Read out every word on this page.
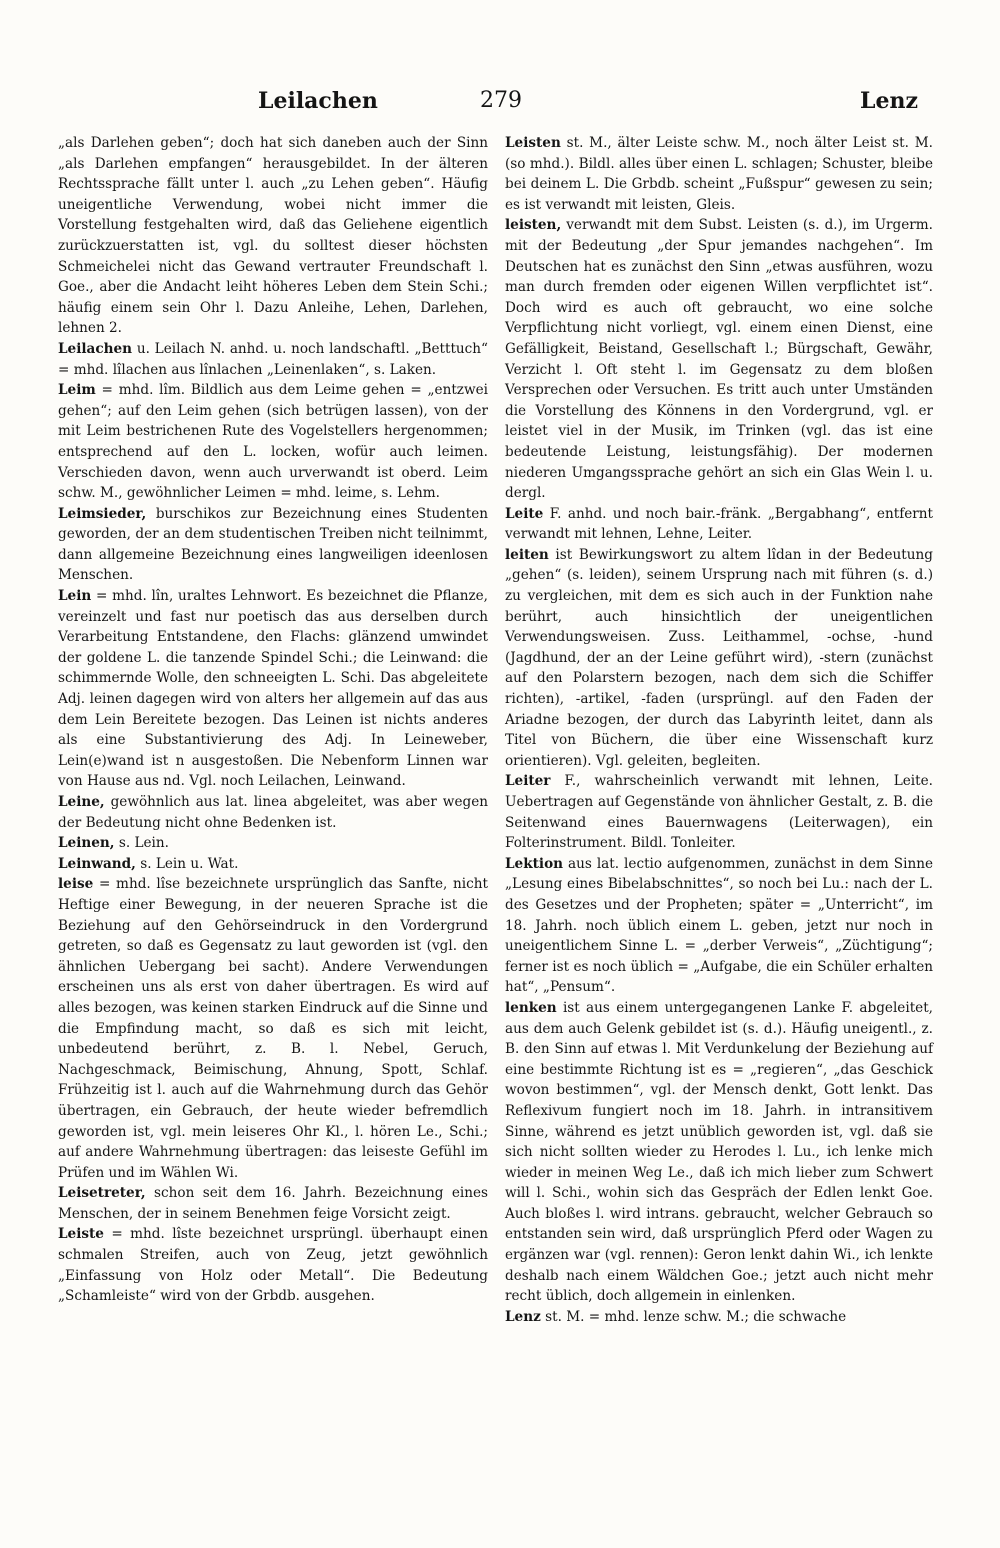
Leilachen	279	Lenz

„als Darlehen geben“; doch hat sich daneben auch der Sinn „als Darlehen empfangen“ herausgebildet. In der älteren Rechtssprache fällt unter l. auch „zu Lehen geben“. Häufig uneigentliche Verwendung, wobei nicht immer die Vorstellung festgehalten wird, daß das Geliehene eigentlich zurückzuerstatten ist, vgl. du solltest dieser höchsten Schmeichelei nicht das Gewand vertrauter Freundschaft l. Goe., aber die Andacht leiht höheres Leben dem Stein Schi.; häufig einem sein Ohr l. Dazu Anleihe, Lehen, Darlehen, lehnen 2.

Leilachen u. Leilach N. anhd. u. noch landschaftl. „Betttuch“ = mhd. lîlachen aus lînlachen „Leinenlaken“, s. Laken.

Leim = mhd. lîm. Bildlich aus dem Leime gehen = „entzwei gehen“; auf den Leim gehen (sich betrügen lassen), von der mit Leim bestrichenen Rute des Vogelstellers hergenommen; entsprechend auf den L. locken, wofür auch leimen. Verschieden davon, wenn auch urverwandt ist oberd. Leim schw. M., gewöhnlicher Leimen = mhd. leime, s. Lehm.

Leimsieder, burschikos zur Bezeichnung eines Studenten geworden, der an dem studentischen Treiben nicht teilnimmt, dann allgemeine Bezeichnung eines langweiligen ideenlosen Menschen.

Lein = mhd. lîn, uraltes Lehnwort. Es bezeichnet die Pflanze, vereinzelt und fast nur poetisch das aus derselben durch Verarbeitung Entstandene, den Flachs: glänzend umwindet der goldene L. die tanzende Spindel Schi.; die Leinwand: die schimmernde Wolle, den schneeigten L. Schi. Das abgeleitete Adj. leinen dagegen wird von alters her allgemein auf das aus dem Lein Bereitete bezogen. Das Leinen ist nichts anderes als eine Substantivierung des Adj. In Leineweber, Lein(e)wand ist n ausgestoßen. Die Nebenform Linnen war von Hause aus nd. Vgl. noch Leilachen, Leinwand.

Leine, gewöhnlich aus lat. linea abgeleitet, was aber wegen der Bedeutung nicht ohne Bedenken ist.

Leinen, s. Lein.

Leinwand, s. Lein u. Wat.

leise = mhd. lîse bezeichnete ursprünglich das Sanfte, nicht Heftige einer Bewegung, in der neueren Sprache ist die Beziehung auf den Gehörseindruck in den Vordergrund getreten, so daß es Gegensatz zu laut geworden ist (vgl. den ähnlichen Uebergang bei sacht). Andere Verwendungen erscheinen uns als erst von daher übertragen. Es wird auf alles bezogen, was keinen starken Eindruck auf die Sinne und die Empfindung macht, so daß es sich mit leicht, unbedeutend berührt, z. B. l. Nebel, Geruch, Nachgeschmack, Beimischung, Ahnung, Spott, Schlaf. Frühzeitig ist l. auch auf die Wahrnehmung durch das Gehör übertragen, ein Gebrauch, der heute wieder befremdlich geworden ist, vgl. mein leiseres Ohr Kl., l. hören Le., Schi.; auf andere Wahrnehmung übertragen: das leiseste Gefühl im Prüfen und im Wählen Wi.

Leisetreter, schon seit dem 16. Jahrh. Bezeichnung eines Menschen, der in seinem Benehmen feige Vorsicht zeigt.

Leiste = mhd. lîste bezeichnet ursprüngl. überhaupt einen schmalen Streifen, auch von Zeug, jetzt gewöhnlich „Einfassung von Holz oder Metall“. Die Bedeutung „Schamleiste“ wird von der Grbdb. ausgehen.

Leisten st. M., älter Leiste schw. M., noch älter Leist st. M. (so mhd.). Bildl. alles über einen L. schlagen; Schuster, bleibe bei deinem L. Die Grbdb. scheint „Fußspur“ gewesen zu sein; es ist verwandt mit leisten, Gleis.

leisten, verwandt mit dem Subst. Leisten (s. d.), im Urgerm. mit der Bedeutung „der Spur jemandes nachgehen“. Im Deutschen hat es zunächst den Sinn „etwas ausführen, wozu man durch fremden oder eigenen Willen verpflichtet ist“. Doch wird es auch oft gebraucht, wo eine solche Verpflichtung nicht vorliegt, vgl. einem einen Dienst, eine Gefälligkeit, Beistand, Gesellschaft l.; Bürgschaft, Gewähr, Verzicht l. Oft steht l. im Gegensatz zu dem bloßen Versprechen oder Versuchen. Es tritt auch unter Umständen die Vorstellung des Könnens in den Vordergrund, vgl. er leistet viel in der Musik, im Trinken (vgl. das ist eine bedeutende Leistung, leistungsfähig). Der modernen niederen Umgangssprache gehört an sich ein Glas Wein l. u. dergl.

Leite F. anhd. und noch bair.-fränk. „Bergabhang“, entfernt verwandt mit lehnen, Lehne, Leiter.

leiten ist Bewirkungswort zu altem lîdan in der Bedeutung „gehen“ (s. leiden), seinem Ursprung nach mit führen (s. d.) zu vergleichen, mit dem es sich auch in der Funktion nahe berührt, auch hinsichtlich der uneigentlichen Verwendungsweisen. Zuss. Leithammel, -ochse, -hund (Jagdhund, der an der Leine geführt wird), -stern (zunächst auf den Polarstern bezogen, nach dem sich die Schiffer richten), -artikel, -faden (ursprüngl. auf den Faden der Ariadne bezogen, der durch das Labyrinth leitet, dann als Titel von Büchern, die über eine Wissenschaft kurz orientieren). Vgl. geleiten, begleiten.

Leiter F., wahrscheinlich verwandt mit lehnen, Leite. Uebertragen auf Gegenstände von ähnlicher Gestalt, z. B. die Seitenwand eines Bauernwagens (Leiterwagen), ein Folterinstrument. Bildl. Tonleiter.

Lektion aus lat. lectio aufgenommen, zunächst in dem Sinne „Lesung eines Bibelabschnittes“, so noch bei Lu.: nach der L. des Gesetzes und der Propheten; später = „Unterricht“, im 18. Jahrh. noch üblich einem L. geben, jetzt nur noch in uneigentlichem Sinne L. = „derber Verweis“, „Züchtigung“; ferner ist es noch üblich = „Aufgabe, die ein Schüler erhalten hat“, „Pensum“.

lenken ist aus einem untergegangenen Lanke F. abgeleitet, aus dem auch Gelenk gebildet ist (s. d.). Häufig uneigentl., z. B. den Sinn auf etwas l. Mit Verdunkelung der Beziehung auf eine bestimmte Richtung ist es = „regieren“, „das Geschick wovon bestimmen“, vgl. der Mensch denkt, Gott lenkt. Das Reflexivum fungiert noch im 18. Jahrh. in intransitivem Sinne, während es jetzt unüblich geworden ist, vgl. daß sie sich nicht sollten wieder zu Herodes l. Lu., ich lenke mich wieder in meinen Weg Le., daß ich mich lieber zum Schwert will l. Schi., wohin sich das Gespräch der Edlen lenkt Goe. Auch bloßes l. wird intrans. gebraucht, welcher Gebrauch so entstanden sein wird, daß ursprünglich Pferd oder Wagen zu ergänzen war (vgl. rennen): Geron lenkt dahin Wi., ich lenkte deshalb nach einem Wäldchen Goe.; jetzt auch nicht mehr recht üblich, doch allgemein in einlenken.

Lenz st. M. = mhd. lenze schw. M.; die schwache
